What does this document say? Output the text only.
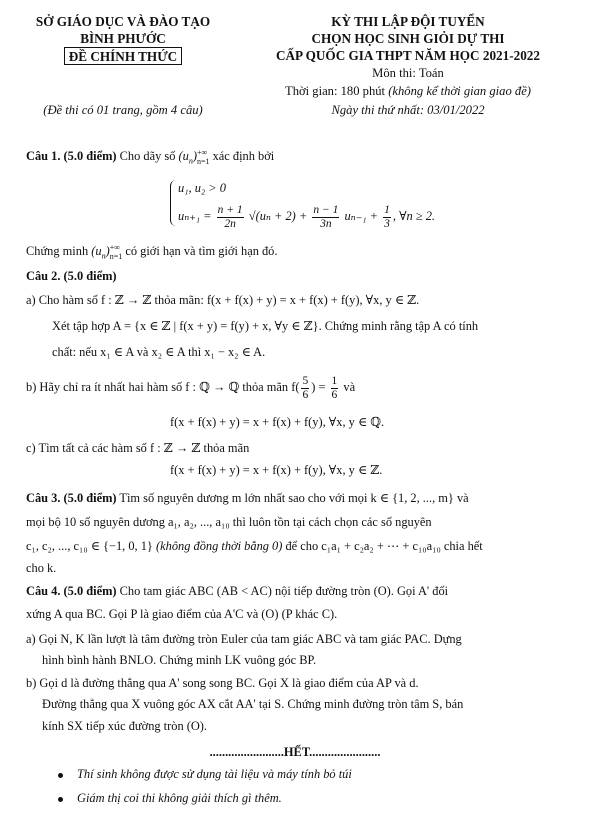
SỞ GIÁO DỤC VÀ ĐÀO TẠO
BÌNH PHƯỚC
ĐỀ CHÍNH THỨC
(Đề thi có 01 trang, gồm 4 câu)
KỲ THI LẬP ĐỘI TUYỂN
CHỌN HỌC SINH GIỎI DỰ THI
CẤP QUỐC GIA THPT NĂM HỌC 2021-2022
Môn thi: Toán
Thời gian: 180 phút (không kể thời gian giao đề)
Ngày thi thứ nhất: 03/01/2022
Câu 1. (5.0 điểm) Cho dãy số $(u_n)$ +∞
n=1 xác định bởi
u₁, u₂ > 0
$u_{n+1} = \frac{n + 1}{2n} √(u_n + 2) + \frac{n - 1}{3n} u_{n-1} + \frac{1}{3}$ , ∀n ≥ 2.
Chứng minh $(u_n)$ +∞
n=1 có giới hạn và tìm giới hạn đó.
Câu 2. (5.0 điểm)
a) Cho hàm số f : ℤ → ℤ thỏa mãn: f(x + f(x) + y) = x + f(x) + f(y), ∀x, y ∈ ℤ.
Xét tập hợp A = {x ∈ ℤ | f(x + y) = f(y) + x, ∀y ∈ ℤ}. Chứng minh rằng tập A có tính
chất: nếu x₁ ∈ A và x₂ ∈ A thì x₁ − x₂ ∈ A.
b) Hãy chỉ ra ít nhất hai hàm số f : ℚ → ℚ thỏa mãn $f( \frac{5}{6}$ ) = $\frac{1}{6}$ và
f(x + f(x) + y) = x + f(x) + f(y), ∀x, y ∈ ℚ.
c) Tìm tất cả các hàm số f : ℤ → ℤ thỏa mãn
f(x + f(x) + y) = x + f(x) + f(y), ∀x, y ∈ ℤ.
Câu 3. (5.0 điểm) Tìm số nguyên dương m lớn nhất sao cho với mọi k ∈ {1, 2, ..., m} và
mọi bộ 10 số nguyên dương a₁, a₂, ..., a₁₀ thì luôn tồn tại cách chọn các số nguyên
c₁, c₂, ..., c₁₀ ∈ {−1, 0, 1} (không đồng thời bằng 0) để cho c₁a₁ + c₂a₂ + ⋯ + c₁₀a₁₀ chia hết
cho k.
Câu 4. (5.0 điểm) Cho tam giác ABC (AB < AC) nội tiếp đường tròn (O). Gọi A' đối
xứng A qua BC. Gọi P là giao điểm của A'C và (O) (P khác C).
a) Gọi N, K lần lượt là tâm đường tròn Euler của tam giác ABC và tam giác PAC. Dựng
hình bình hành BNLO. Chứng minh LK vuông góc BP.
b) Gọi d là đường thẳng qua A' song song BC. Gọi X là giao điểm của AP và d.
Đường thẳng qua X vuông góc AX cắt AA' tại S. Chứng minh đường tròn tâm S, bán
kính SX tiếp xúc đường tròn (O).
........................HẾT.......................
Thí sinh không được sử dụng tài liệu và máy tính bỏ túi
Giám thị coi thi không giải thích gì thêm.
